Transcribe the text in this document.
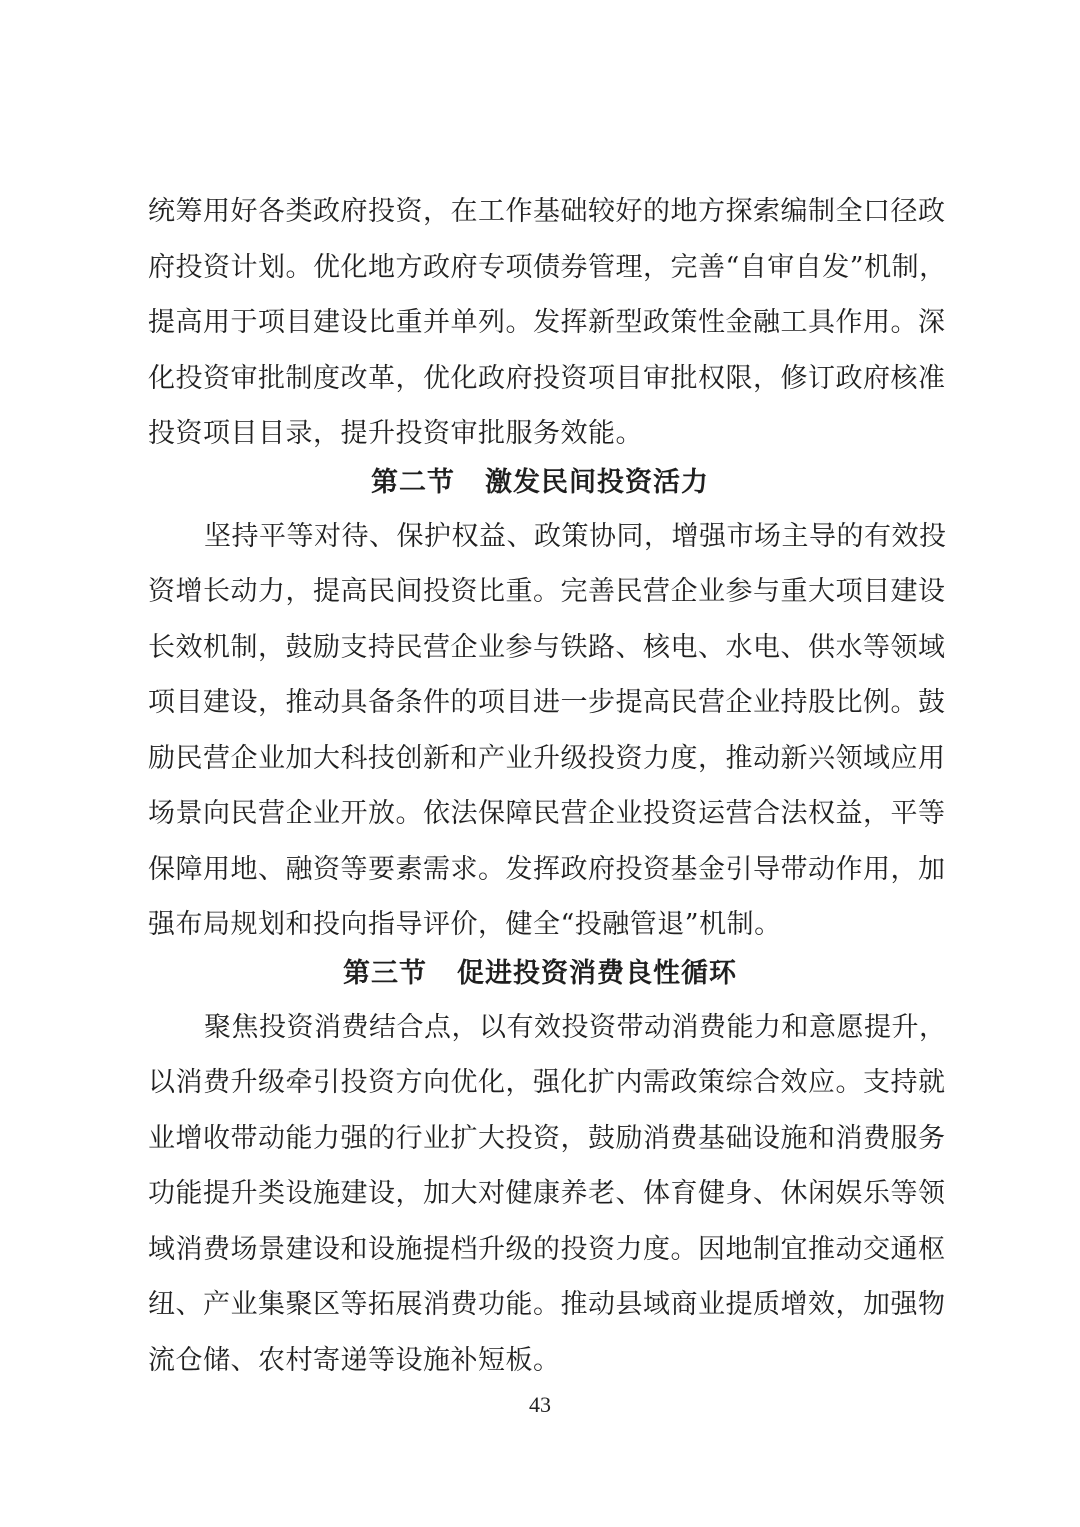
统筹用好各类政府投资，在工作基础较好的地方探索编制全口径政
府投资计划。优化地方政府专项债券管理，完善“自审自发”机制，
提高用于项目建设比重并单列。发挥新型政策性金融工具作用。深
化投资审批制度改革，优化政府投资项目审批权限，修订政府核准
投资项目目录，提升投资审批服务效能。
第二节 激发民间投资活力
坚持平等对待、保护权益、政策协同，增强市场主导的有效投
资增长动力，提高民间投资比重。完善民营企业参与重大项目建设
长效机制，鼓励支持民营企业参与铁路、核电、水电、供水等领域
项目建设，推动具备条件的项目进一步提高民营企业持股比例。鼓
励民营企业加大科技创新和产业升级投资力度，推动新兴领域应用
场景向民营企业开放。依法保障民营企业投资运营合法权益，平等
保障用地、融资等要素需求。发挥政府投资基金引导带动作用，加
强布局规划和投向指导评价，健全“投融管退”机制。
第三节 促进投资消费良性循环
聚焦投资消费结合点，以有效投资带动消费能力和意愿提升，
以消费升级牵引投资方向优化，强化扩内需政策综合效应。支持就
业增收带动能力强的行业扩大投资，鼓励消费基础设施和消费服务
功能提升类设施建设，加大对健康养老、体育健身、休闲娱乐等领
域消费场景建设和设施提档升级的投资力度。因地制宜推动交通枢
纽、产业集聚区等拓展消费功能。推动县域商业提质增效，加强物
流仓储、农村寄递等设施补短板。
43
